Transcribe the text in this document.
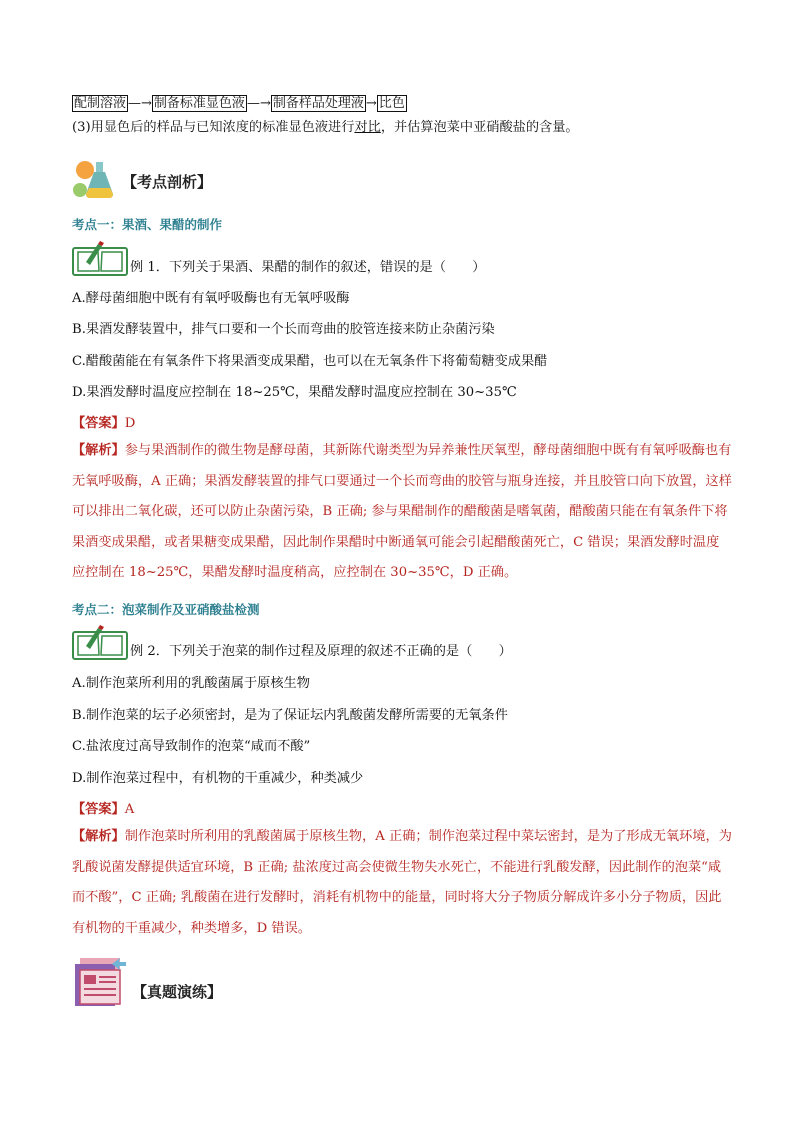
配制溶液 —→ 制备标准显色液 —→ 制备样品处理液 → 比色

(3)用显色后的样品与已知浓度的标准显色液进行对比，并估算泡菜中亚硝酸盐的含量。

【考点剖析】
考点一：果酒、果醋的制作
例 1．下列关于果酒、果醋的制作的叙述，错误的是（　　）
A.酵母菌细胞中既有有氧呼吸酶也有无氧呼吸酶
B.果酒发酵装置中，排气口要和一个长而弯曲的胶管连接来防止杂菌污染
C.醋酸菌能在有氧条件下将果酒变成果醋，也可以在无氧条件下将葡萄糖变成果醋
D.果酒发酵时温度应控制在 18~25℃，果醋发酵时温度应控制在 30~35℃
【答案】D
【解析】参与果酒制作的微生物是酵母菌，其新陈代谢类型为异养兼性厌氧型，酵母菌细胞中既有有氧呼吸酶也有无氧呼吸酶，A 正确；果酒发酵装置的排气口要通过一个长而弯曲的胶管与瓶身连接，并且胶管口向下放置，这样可以排出二氧化碳，还可以防止杂菌污染，B 正确; 参与果醋制作的醋酸菌是嗜氧菌，醋酸菌只能在有氧条件下将果酒变成果醋，或者果糖变成果醋，因此制作果醋时中断通氧可能会引起醋酸菌死亡，C 错误；果酒发酵时温度应控制在 18~25℃，果醋发酵时温度稍高，应控制在 30~35℃，D 正确。
考点二：泡菜制作及亚硝酸盐检测
例 2．下列关于泡菜的制作过程及原理的叙述不正确的是（　　）
A.制作泡菜所利用的乳酸菌属于原核生物
B.制作泡菜的坛子必须密封，是为了保证坛内乳酸菌发酵所需要的无氧条件
C.盐浓度过高导致制作的泡菜“咸而不酸”
D.制作泡菜过程中，有机物的干重减少，种类减少
【答案】A
【解析】制作泡菜时所利用的乳酸菌属于原核生物，A 正确；制作泡菜过程中菜坛密封，是为了形成无氧环境，为乳酸说菌发酵提供适宜环境，B 正确; 盐浓度过高会使微生物失水死亡，不能进行乳酸发酵，因此制作的泡菜“咸而不酸”，C 正确; 乳酸菌在进行发酵时，消耗有机物中的能量，同时将大分子物质分解成许多小分子物质，因此有机物的干重减少，种类增多，D 错误。
【真题演练】
